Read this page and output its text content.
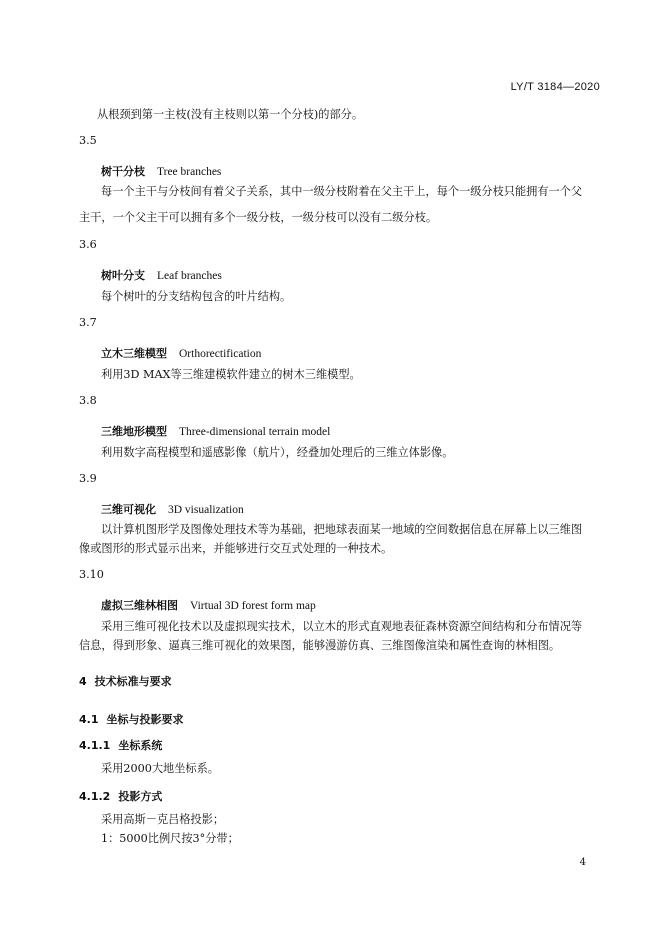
LY/T 3184—2020
从根颈到第一主枝(没有主枝则以第一个分枝)的部分。
3.5
树干分枝 Tree branches
每一个主干与分枝间有着父子关系，其中一级分枝附着在父主干上，每个一级分枝只能拥有一个父
主干，一个父主干可以拥有多个一级分枝，一级分枝可以没有二级分枝。
3.6
树叶分支 Leaf branches
每个树叶的分支结构包含的叶片结构。
3.7
立木三维模型 Orthorectification
利用3D MAX等三维建模软件建立的树木三维模型。
3.8
三维地形模型 Three-dimensional terrain model
利用数字高程模型和遥感影像（航片），经叠加处理后的三维立体影像。
3.9
三维可视化 3D visualization
以计算机图形学及图像处理技术等为基础，把地球表面某一地域的空间数据信息在屏幕上以三维图
像或图形的形式显示出来，并能够进行交互式处理的一种技术。
3.10
虚拟三维林相图 Virtual 3D forest form map
采用三维可视化技术以及虚拟现实技术，以立木的形式直观地表征森林资源空间结构和分布情况等
信息，得到形象、逼真三维可视化的效果图，能够漫游仿真、三维图像渲染和属性查询的林相图。
4 技术标准与要求
4.1 坐标与投影要求
4.1.1 坐标系统
采用2000大地坐标系。
4.1.2 投影方式
采用高斯－克吕格投影；
1：5000比例尺按3°分带；
4
